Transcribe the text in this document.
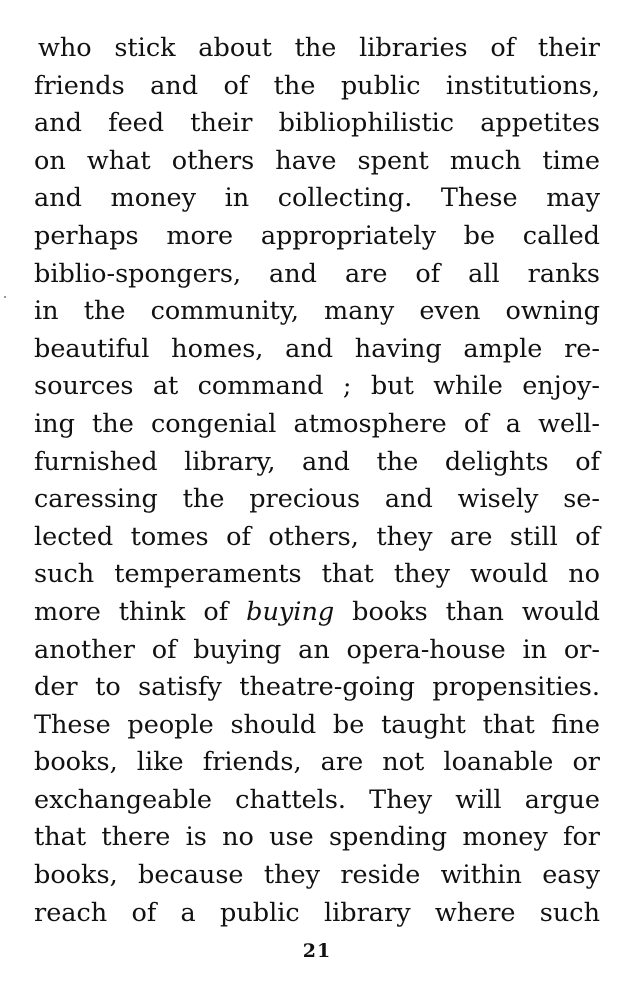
who stick about the libraries of their
friends and of the public institutions,
and feed their bibliophilistic appetites
on what others have spent much time
and money in collecting. These may
perhaps more appropriately be called
biblio-spongers, and are of all ranks
in the community, many even owning
beautiful homes, and having ample re-
sources at command ; but while enjoy-
ing the congenial atmosphere of a well-
furnished library, and the delights of
caressing the precious and wisely se-
lected tomes of others, they are still of
such temperaments that they would no
more think of buying books than would
another of buying an opera-house in or-
der to satisfy theatre-going propensities.
These people should be taught that fine
books, like friends, are not loanable or
exchangeable chattels. They will argue
that there is no use spending money for
books, because they reside within easy
reach of a public library where such
21
